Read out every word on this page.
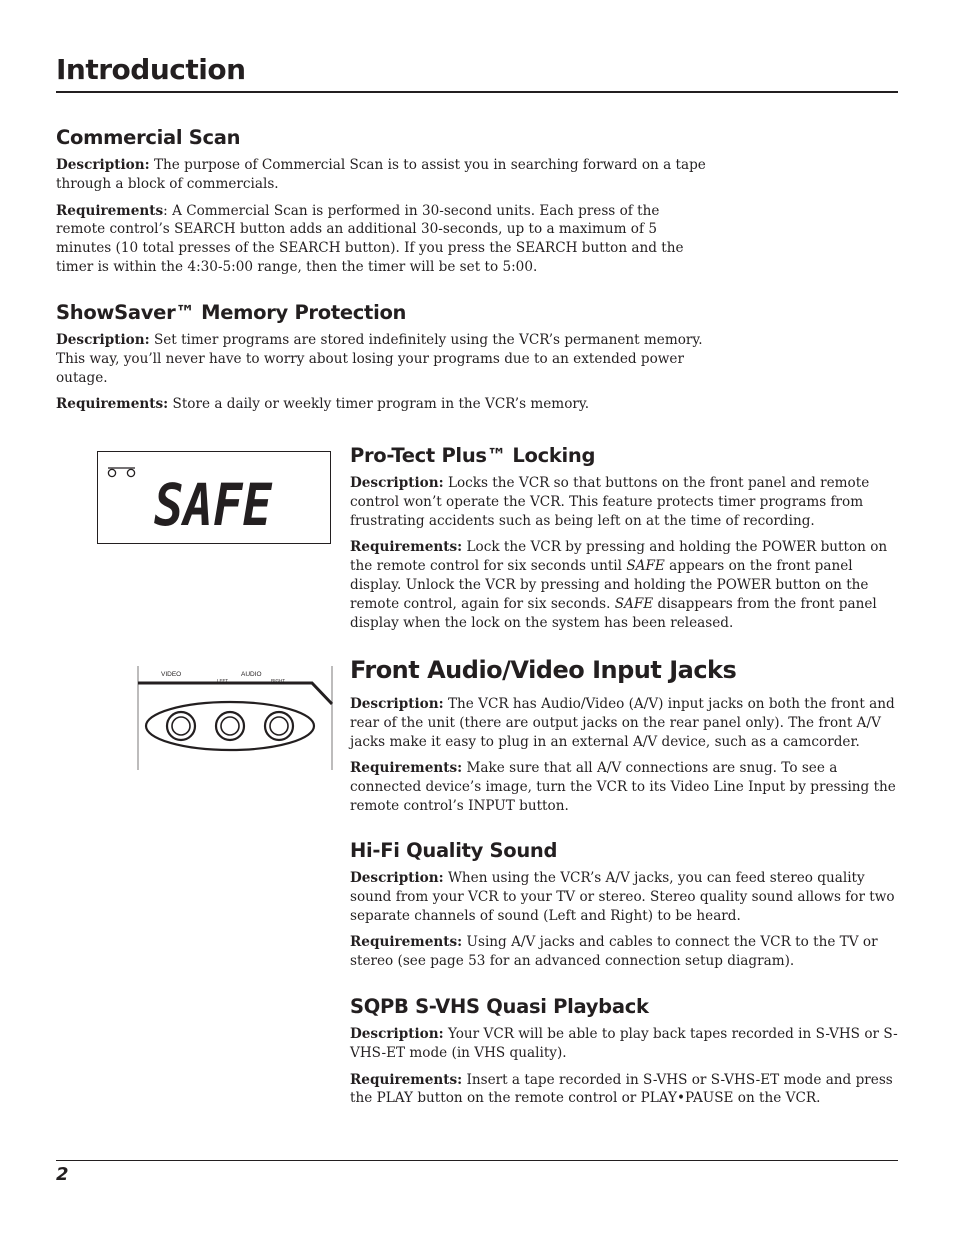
Introduction
Commercial Scan

Description: The purpose of Commercial Scan is to assist you in searching forward on a tape through a block of commercials.

Requirements: A Commercial Scan is performed in 30-second units. Each press of the remote control’s SEARCH button adds an additional 30-seconds, up to a maximum of 5 minutes (10 total presses of the SEARCH button). If you press the SEARCH button and the timer is within the 4:30-5:00 range, then the timer will be set to 5:00.

ShowSaver™ Memory Protection

Description: Set timer programs are stored indefinitely using the VCR’s permanent memory. This way, you’ll never have to worry about losing your programs due to an extended power outage.

Requirements: Store a daily or weekly timer program in the VCR’s memory.

SAFE
Pro-Tect Plus™ Locking

Description: Locks the VCR so that buttons on the front panel and remote control won’t operate the VCR. This feature protects timer programs from frustrating accidents such as being left on at the time of recording.

Requirements: Lock the VCR by pressing and holding the POWER button on the remote control for six seconds until SAFE appears on the front panel display. Unlock the VCR by pressing and holding the POWER button on the remote control, again for six seconds. SAFE disappears from the front panel display when the lock on the system has been released.

VIDEO	AUDIO
LEFT	RIGHT	Front Audio/Video Input Jacks

Description: The VCR has Audio/Video (A/V) input jacks on both the front and rear of the unit (there are output jacks on the rear panel only). The front A/V jacks make it easy to plug in an external A/V device, such as a camcorder.

Requirements: Make sure that all A/V connections are snug. To see a connected device’s image, turn the VCR to its Video Line Input by pressing the remote control’s INPUT button.

Hi-Fi Quality Sound

Description: When using the VCR’s A/V jacks, you can feed stereo quality sound from your VCR to your TV or stereo. Stereo quality sound allows for two separate channels of sound (Left and Right) to be heard.

Requirements: Using A/V jacks and cables to connect the VCR to the TV or stereo (see page 53 for an advanced connection setup diagram).

SQPB S-VHS Quasi Playback

Description: Your VCR will be able to play back tapes recorded in S-VHS or S-VHS-ET mode (in VHS quality).

Requirements: Insert a tape recorded in S-VHS or S-VHS-ET mode and press the PLAY button on the remote control or PLAY•PAUSE on the VCR.

2
